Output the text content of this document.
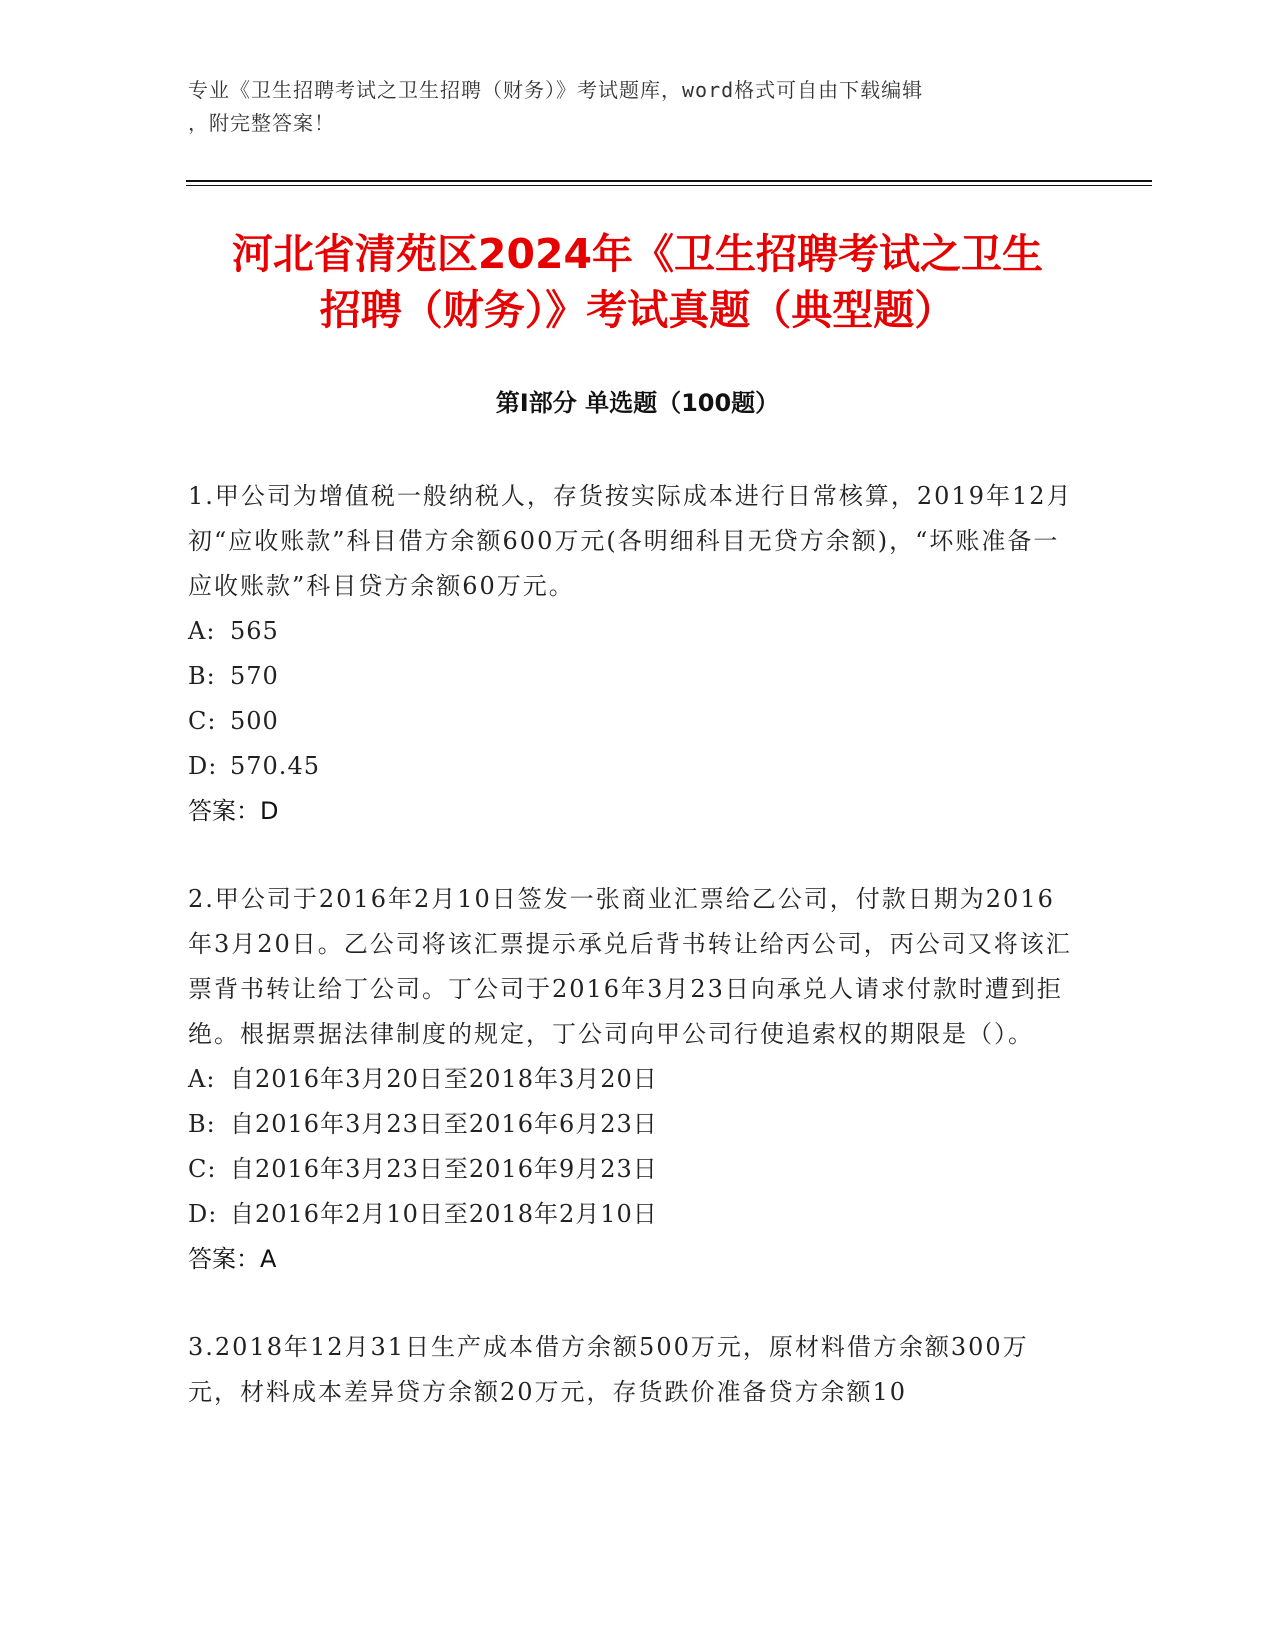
专业《卫生招聘考试之卫生招聘（财务）》考试题库，word格式可自由下载编辑
，附完整答案！
河北省清苑区2024年《卫生招聘考试之卫生
招聘（财务）》考试真题（典型题）
第Ⅰ部分 单选题（100题）
1.甲公司为增值税一般纳税人，存货按实际成本进行日常核算，2019年12月初“应收账款”科目借方余额600万元(各明细科目无贷方余额)，“坏账准备一应收账款”科目贷方余额60万元。
A: 565
B: 570
C: 500
D: 570.45
答案：D
2.甲公司于2016年2月10日签发一张商业汇票给乙公司，付款日期为2016年3月20日。乙公司将该汇票提示承兑后背书转让给丙公司，丙公司又将该汇票背书转让给丁公司。丁公司于2016年3月23日向承兑人请求付款时遭到拒绝。根据票据法律制度的规定，丁公司向甲公司行使追索权的期限是（）。
A: 自2016年3月20日至2018年3月20日
B: 自2016年3月23日至2016年6月23日
C: 自2016年3月23日至2016年9月23日
D: 自2016年2月10日至2018年2月10日
答案：A
3.2018年12月31日生产成本借方余额500万元，原材料借方余额300万元，材料成本差异贷方余额20万元，存货跌价准备贷方余额10
